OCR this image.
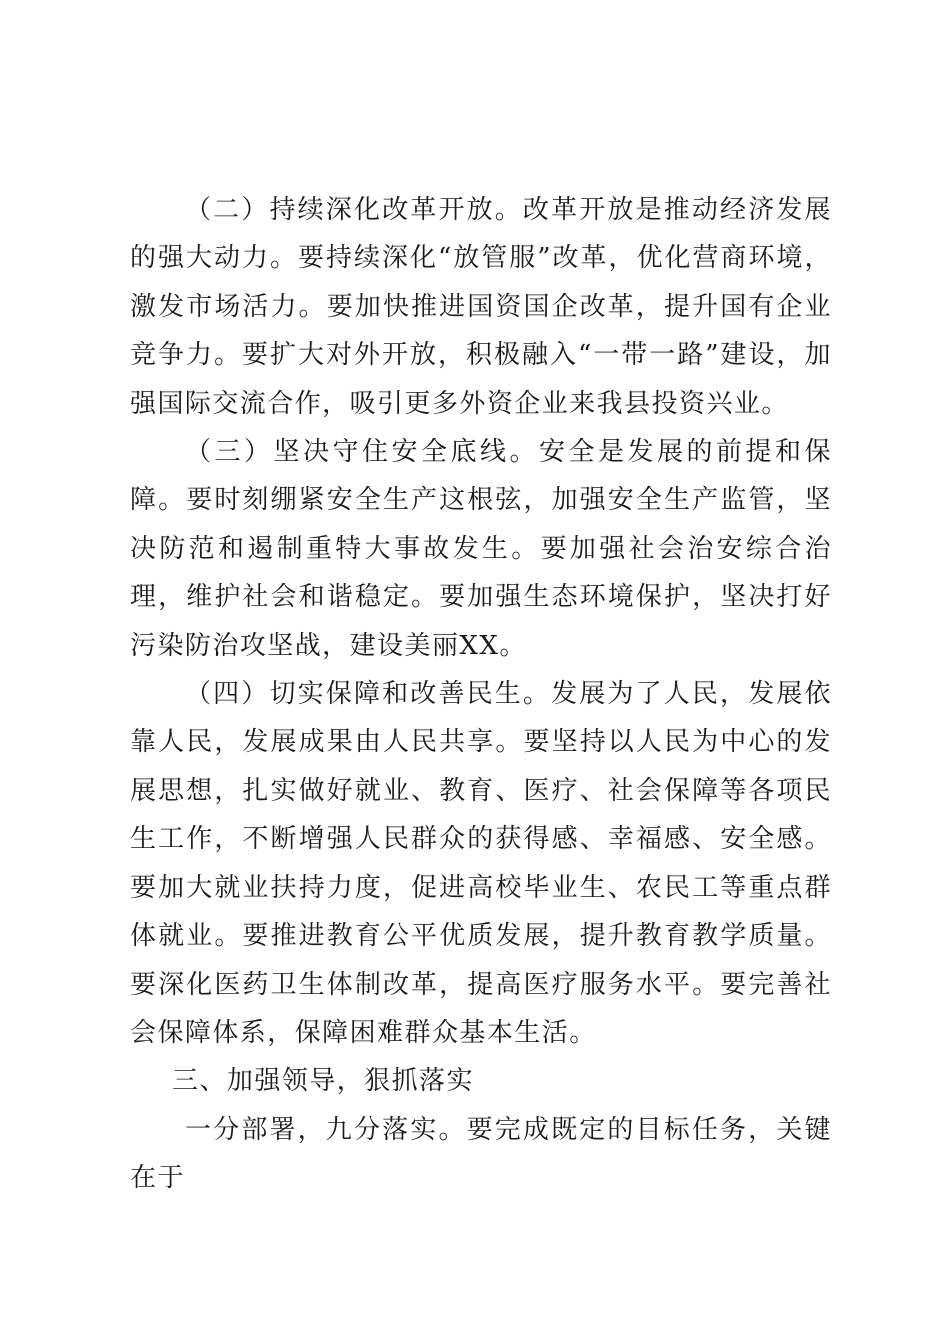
（二）持续深化改革开放。改革开放是推动经济发展的强大动力。要持续深化“放管服”改革，优化营商环境，激发市场活力。要加快推进国资国企改革，提升国有企业竞争力。要扩大对外开放，积极融入“一带一路”建设，加强国际交流合作，吸引更多外资企业来我县投资兴业。

（三）坚决守住安全底线。安全是发展的前提和保障。要时刻绷紧安全生产这根弦，加强安全生产监管，坚决防范和遏制重特大事故发生。要加强社会治安综合治理，维护社会和谐稳定。要加强生态环境保护，坚决打好污染防治攻坚战，建设美丽XX。

（四）切实保障和改善民生。发展为了人民，发展依靠人民，发展成果由人民共享。要坚持以人民为中心的发展思想，扎实做好就业、教育、医疗、社会保障等各项民生工作，不断增强人民群众的获得感、幸福感、安全感。要加大就业扶持力度，促进高校毕业生、农民工等重点群体就业。要推进教育公平优质发展，提升教育教学质量。要深化医药卫生体制改革，提高医疗服务水平。要完善社会保障体系，保障困难群众基本生活。

三、加强领导，狠抓落实

一分部署，九分落实。要完成既定的目标任务，关键在于
